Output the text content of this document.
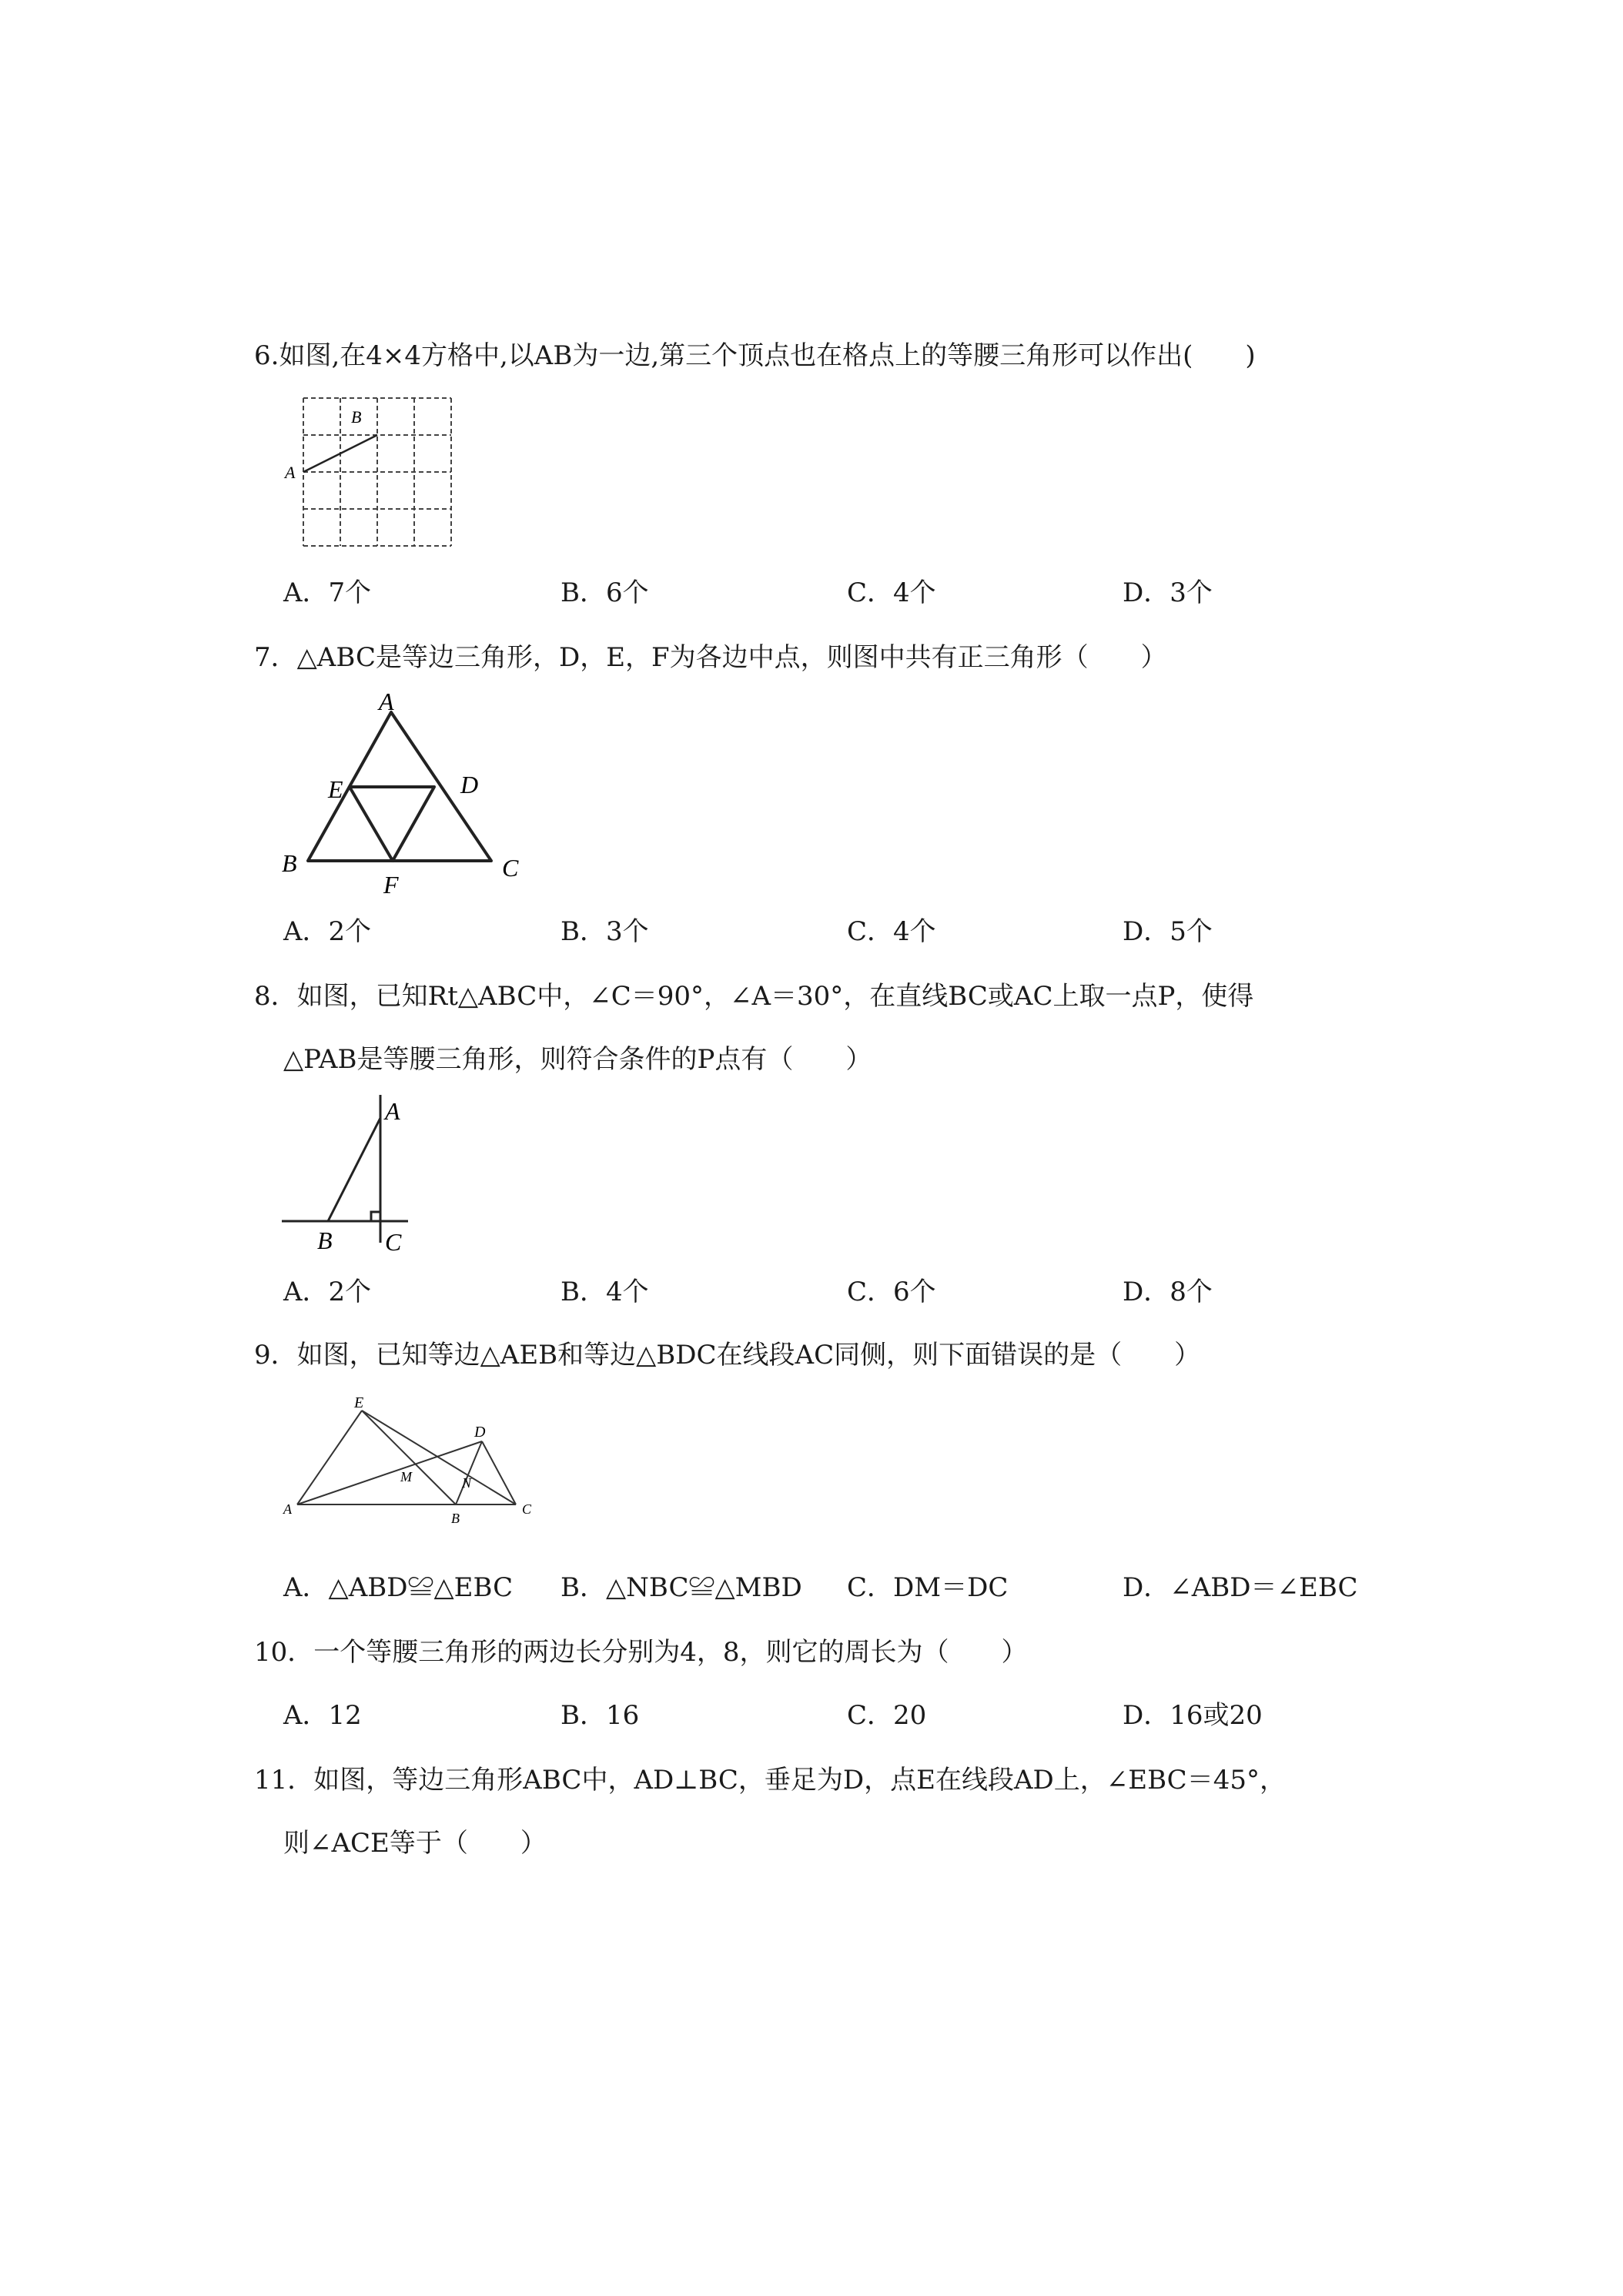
6.如图,在4×4方格中,以AB为一边,第三个顶点也在格点上的等腰三角形可以作出(　　)
A
B
A．7个	B．6个	C．4个	D．3个
7．△ABC是等边三角形，D，E，F为各边中点，则图中共有正三角形（　　）
A
E	D
B
F
C
A．2个	B．3个	C．4个	D．5个
8．如图，已知Rt△ABC中，∠C＝90°，∠A＝30°，在直线BC或AC上取一点P，使得
△PAB是等腰三角形，则符合条件的P点有（　　）
A
B C
A．2个	B．4个	C．6个	D．8个
9．如图，已知等边△AEB和等边△BDC在线段AC同侧，则下面错误的是（　　）
E
D
M	N
A
B
C
A．△ABD≌△EBC B．△NBC≌△MBD C．DM＝DC	D．∠ABD＝∠EBC
10．一个等腰三角形的两边长分别为4，8，则它的周长为（　　）
A．12	B．16	C．20	D．16或20
11．如图，等边三角形ABC中，AD⊥BC，垂足为D，点E在线段AD上，∠EBC＝45°，
则∠ACE等于（　　）
